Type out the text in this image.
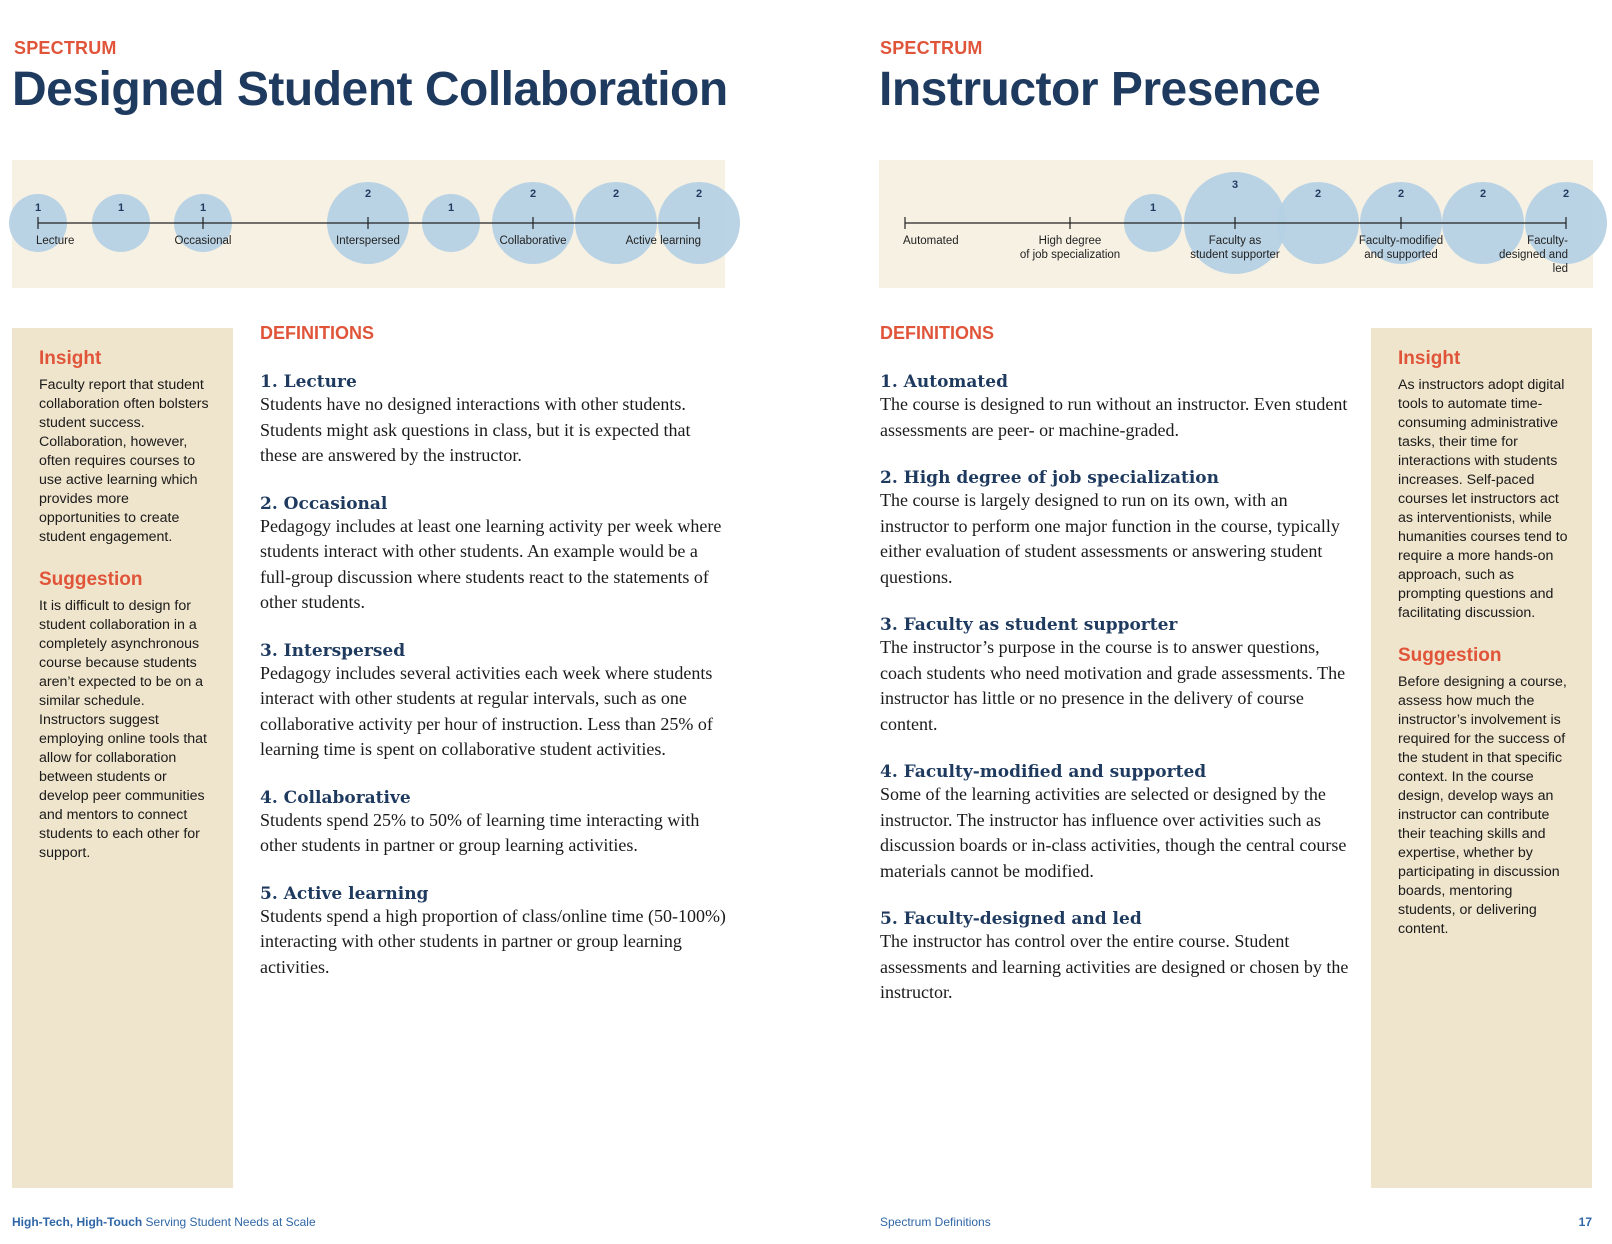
SPECTRUM
Designed Student Collaboration
1	1	1
2
1
2	2	2
Lecture	Occasional	Interspersed	Collaborative	Active learning

Insight

Faculty report that student collaboration often bolsters student success. Collaboration, however, often requires courses to use active learning which provides more opportunities to create student engagement.

Suggestion

It is difficult to design for student collaboration in a completely asynchronous course because students aren’t expected to be on a similar schedule. Instructors suggest employing online tools that allow for collaboration between students or develop peer communities and mentors to connect students to each other for support.

DEFINITIONS

1. Lecture

Students have no designed interactions with other students. Students might ask questions in class, but it is expected that these are answered by the instructor.

2. Occasional

Pedagogy includes at least one learning activity per week where students interact with other students. An example would be a full-group discussion where students react to the statements of other students.

3. Interspersed

Pedagogy includes several activities each week where students interact with other students at regular intervals, such as one collaborative activity per hour of instruction. Less than 25% of learning time is spent on collaborative student activities.

4. Collaborative

Students spend 25% to 50% of learning time interacting with other students in partner or group learning activities.

5. Active learning

Students spend a high proportion of class/online time (50-100%) interacting with other students in partner or group learning activities.

High-Tech, High-Touch Serving Student Needs at Scale
SPECTRUM
Instructor Presence
1
3
2	2	2	2
Automated	High degree
of job specialization
Faculty as
student supporter
Faculty-modified
and supported
Faculty-
designed and
led
DEFINITIONS

1. Automated

The course is designed to run without an instructor. Even student assessments are peer- or machine-graded.

2. High degree of job specialization

The course is largely designed to run on its own, with an instructor to perform one major function in the course, typically either evaluation of student assessments or answering student questions.

3. Faculty as student supporter

The instructor’s purpose in the course is to answer questions, coach students who need motivation and grade assessments. The instructor has little or no presence in the delivery of course content.

4. Faculty-modified and supported

Some of the learning activities are selected or designed by the instructor. The instructor has influence over activities such as discussion boards or in-class activities, though the central course materials cannot be modified.

5. Faculty-designed and led

The instructor has control over the entire course. Student assessments and learning activities are designed or chosen by the instructor.

Insight

As instructors adopt digital tools to automate time-consuming administrative tasks, their time for interactions with students increases. Self-paced courses let instructors act as interventionists, while humanities courses tend to require a more hands-on approach, such as prompting questions and facilitating discussion.

Suggestion

Before designing a course, assess how much the instructor’s involvement is required for the success of the student in that specific context. In the course design, develop ways an instructor can contribute their teaching skills and expertise, whether by participating in discussion boards, mentoring students, or delivering content.

Spectrum Definitions	17
